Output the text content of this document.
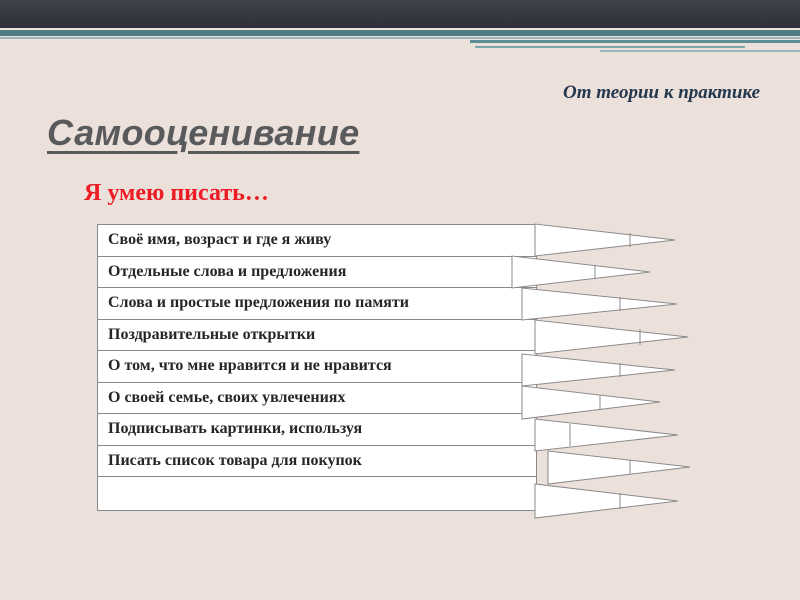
От теории к практике

Самооценивание

Я умею писать…

Своё имя, возраст и где я живу
Отдельные слова и предложения
Слова и простые предложения по памяти
Поздравительные открытки
О том, что мне нравится и не нравится
О своей семье, своих увлечениях
Подписывать картинки, используя
Писать список товара для покупок
